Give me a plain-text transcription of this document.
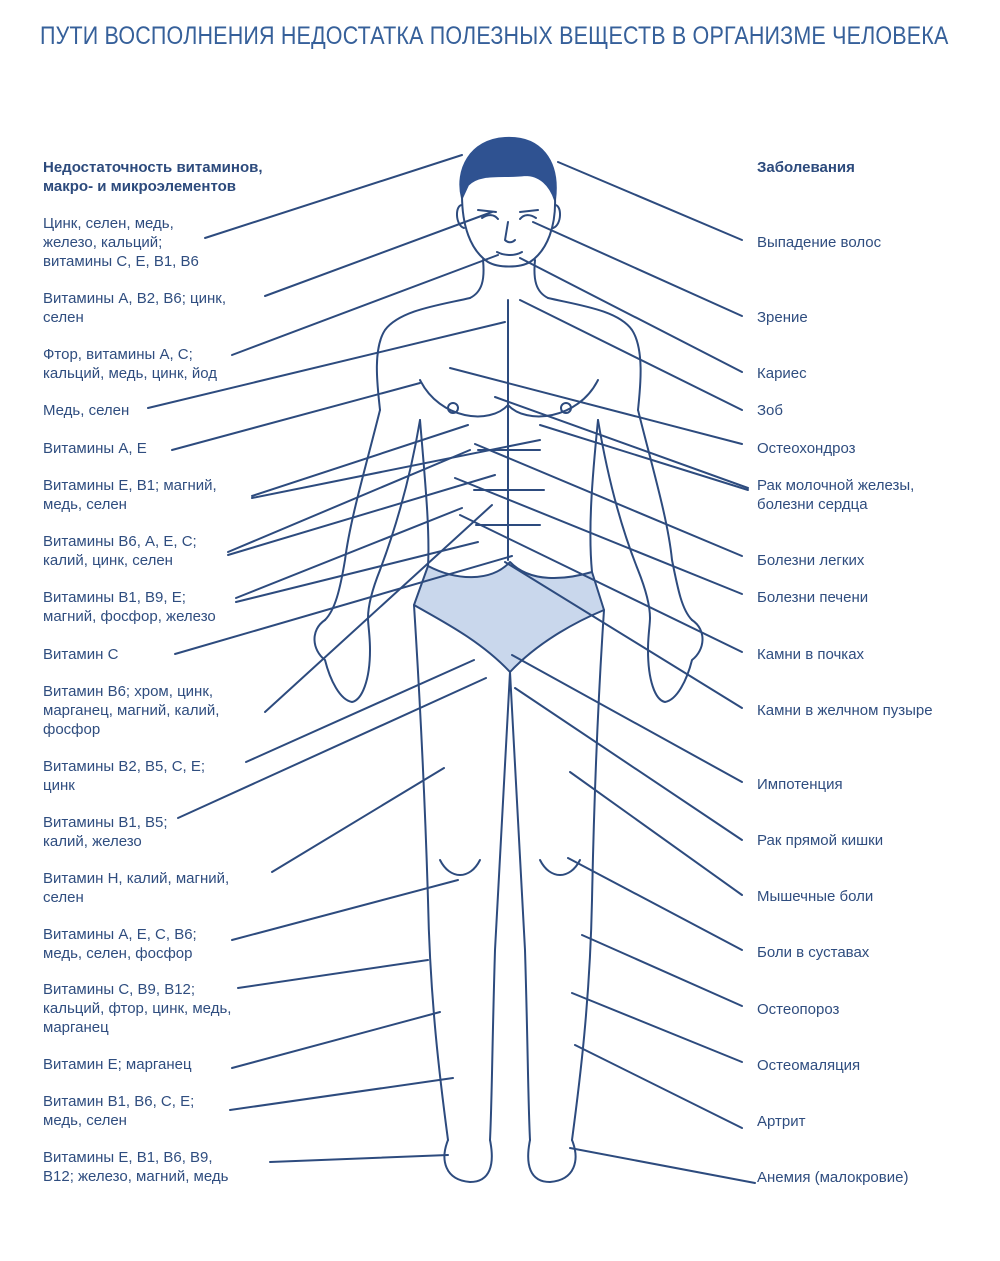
ПУТИ ВОСПОЛНЕНИЯ НЕДОСТАТКА ПОЛЕЗНЫХ ВЕЩЕСТВ В ОРГАНИЗМЕ ЧЕЛОВЕКА
Недостаточность витаминов,
макро- и микроэлементов
Заболевания
Цинк, селен, медь,
железо, кальций;
витамины С, Е, В1, В6
Витамины А, В2, В6; цинк,
селен
Фтор, витамины А, С;
кальций, медь, цинк, йод
Медь, селен
Витамины А, Е
Витамины Е, В1; магний,
медь, селен
Витамины В6, А, Е, С;
калий, цинк, селен
Витамины В1, В9, Е;
магний, фосфор, железо
Витамин С
Витамин В6; хром, цинк,
марганец, магний, калий,
фосфор
Витамины В2, В5, С, Е;
цинк
Витамины В1, В5;
калий, железо
Витамин Н, калий, магний,
селен
Витамины А, Е, С, В6;
медь, селен, фосфор
Витамины С, В9, В12;
кальций, фтор, цинк, медь,
марганец
Витамин Е; марганец
Витамин В1, В6, С, Е;
медь, селен
Витамины Е, В1, В6, В9,
В12; железо, магний, медь
Выпадение волос
Зрение
Кариес
Зоб
Остеохондроз
Рак молочной железы,
болезни сердца
Болезни легких
Болезни печени
Камни в почках
Камни в желчном пузыре
Импотенция
Рак прямой кишки
Мышечные боли
Боли в суставах
Остеопороз
Остеомаляция
Артрит
Анемия (малокровие)
